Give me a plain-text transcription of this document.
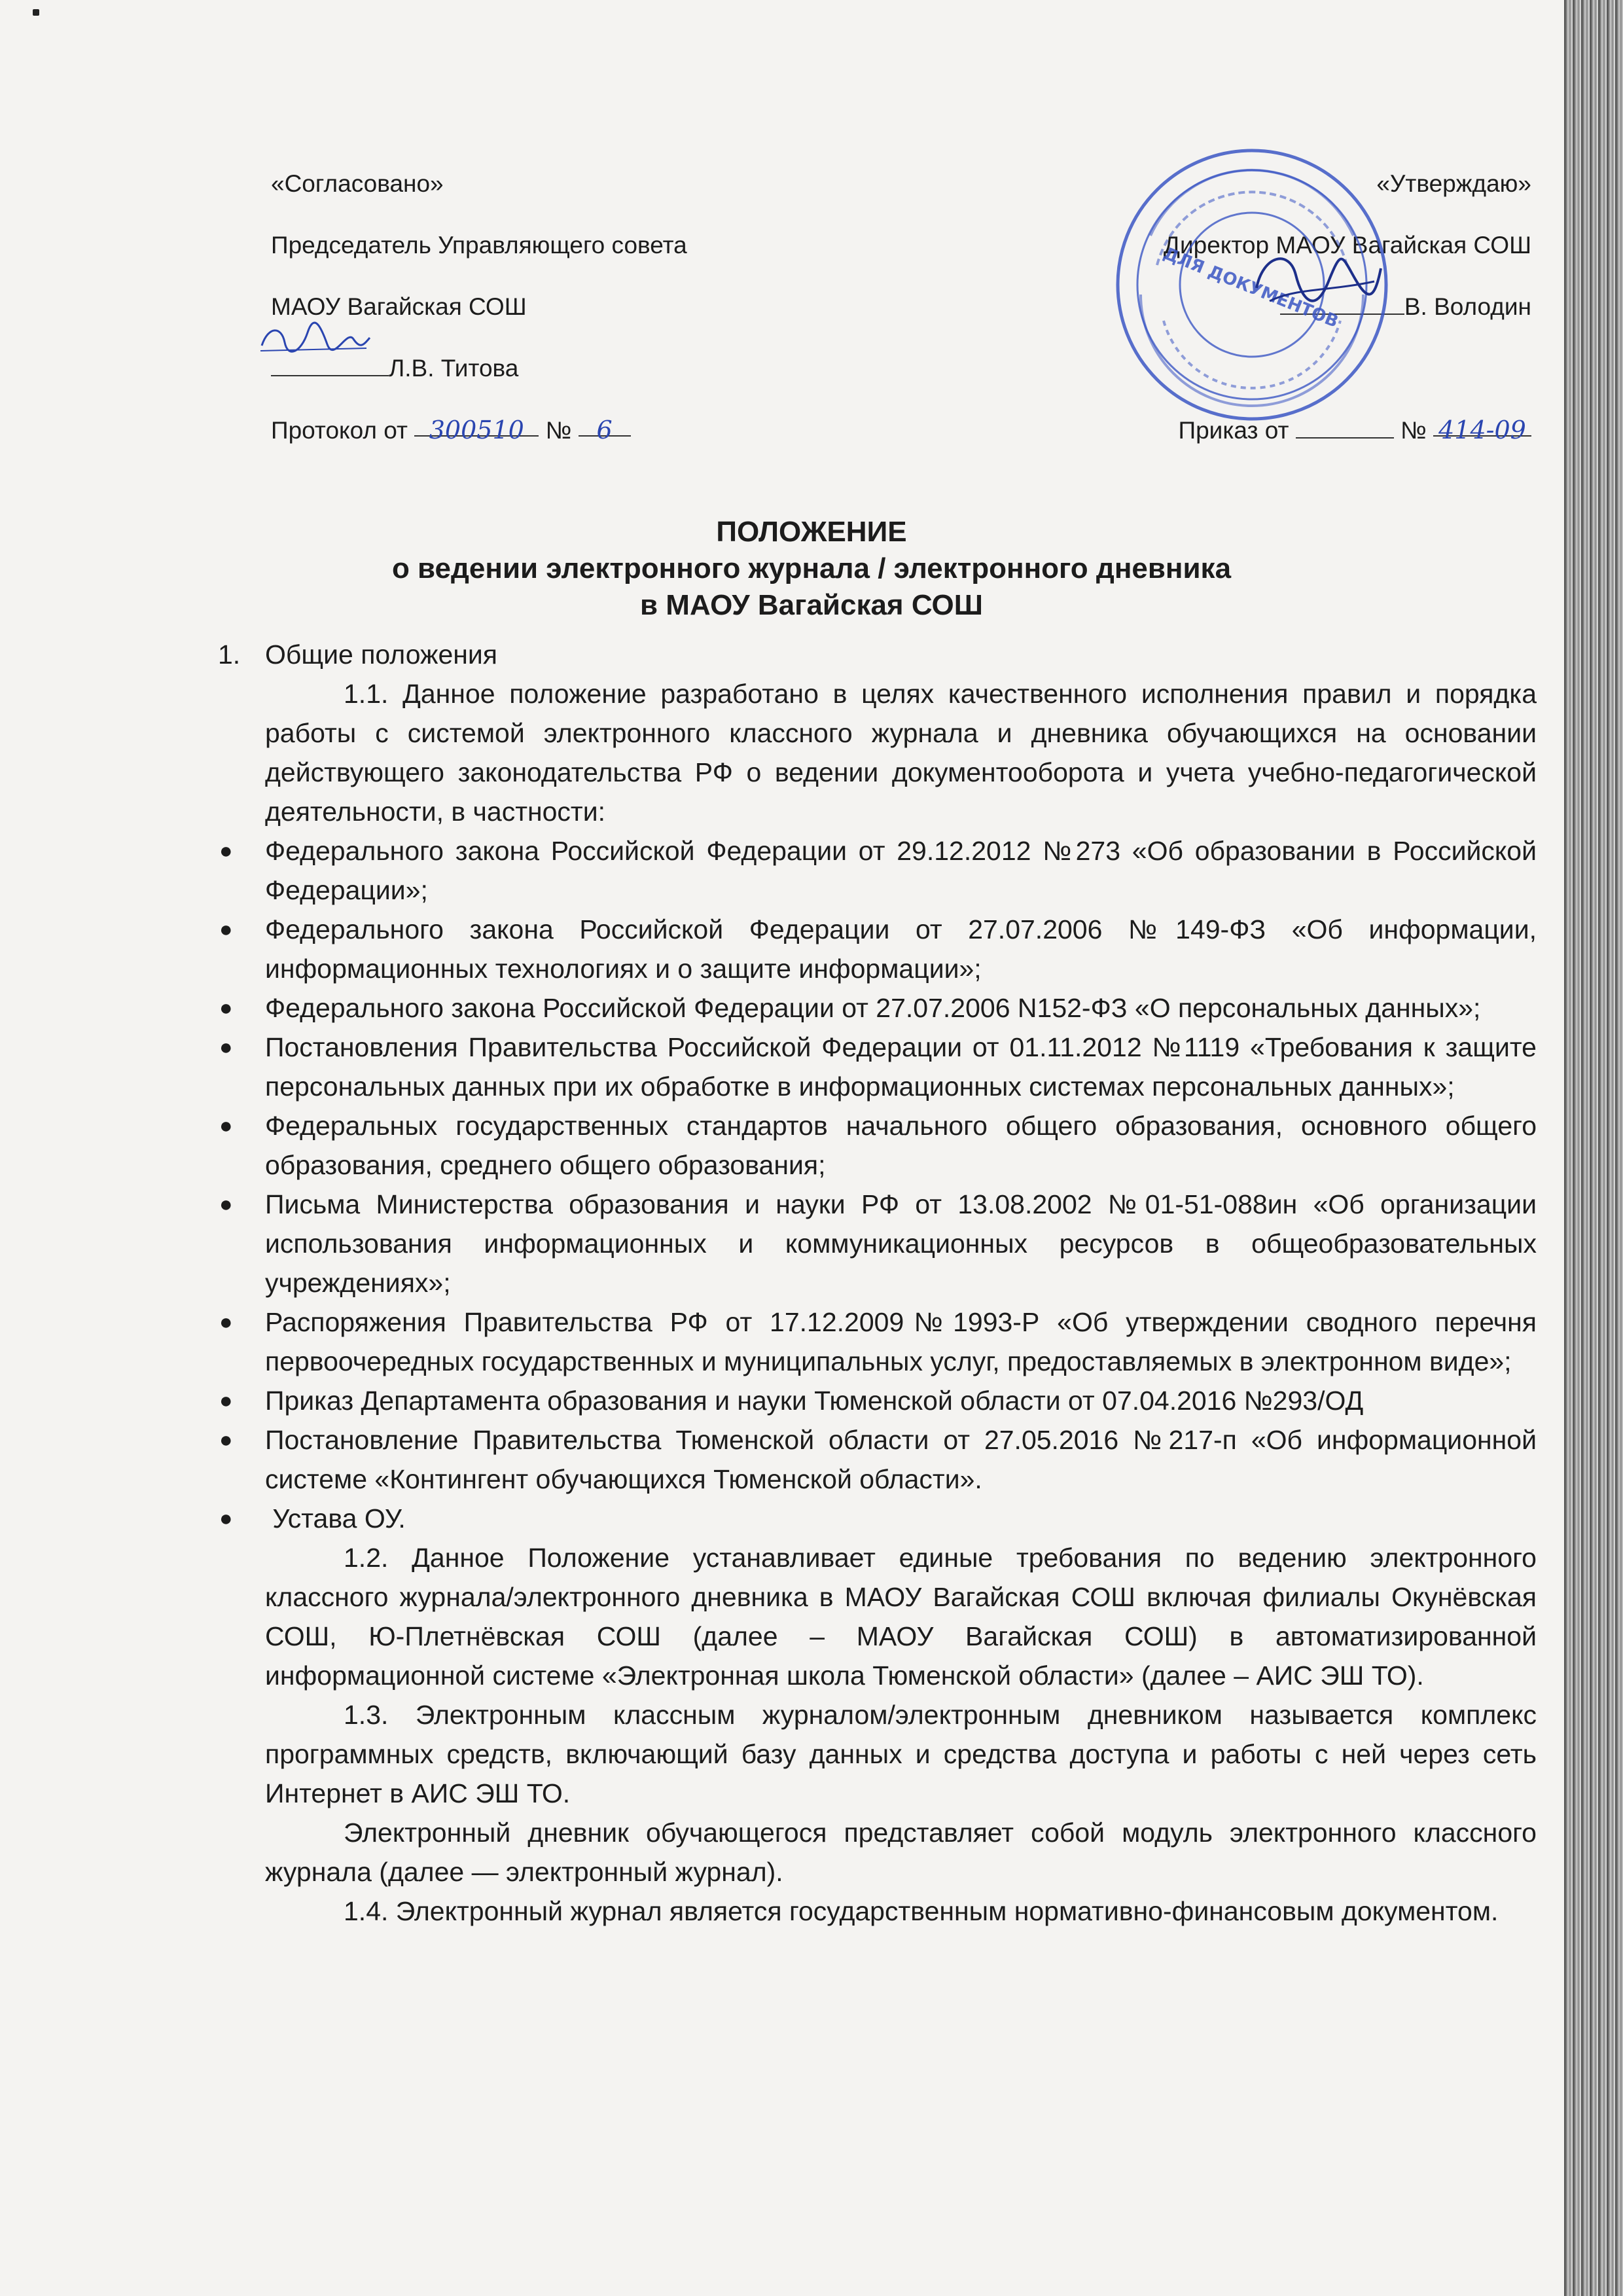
«Согласовано»
Председатель Управляющего совета
МАОУ Вагайская СОШ
Л.В. Титова
Протокол от 300510 № 6
«Утверждаю»
Директор МАОУ Вагайская СОШ
В. Володин
Приказ от	№ 414-09
ДЛЯ ДОКУМЕНТОВ
ПОЛОЖЕНИЕ
о ведении электронного журнала / электронного дневника
в МАОУ Вагайская СОШ

1. Общие положения

1.1. Данное положение разработано в целях качественного исполнения правил и порядка работы с системой электронного классного журнала и дневника обучающихся на основании действующего законодательства РФ о ведении документооборота и учета учебно-педагогической деятельности, в частности:

● Федерального закона Российской Федерации от 29.12.2012 №273 «Об образовании в Российской Федерации»;

● Федерального закона Российской Федерации от 27.07.2006 №149-ФЗ «Об информации, информационных технологиях и о защите информации»;

● Федерального закона Российской Федерации от 27.07.2006 N152-ФЗ «О персональных данных»;

● Постановления Правительства Российской Федерации от 01.11.2012 №1119 «Требования к защите персональных данных при их обработке в информационных системах персональных данных»;

● Федеральных государственных стандартов начального общего образования, основного общего образования, среднего общего образования;

● Письма Министерства образования и науки РФ от 13.08.2002 №01-51-088ин «Об организации использования информационных и коммуникационных ресурсов в общеобразовательных учреждениях»;

● Распоряжения Правительства РФ от 17.12.2009№1993-Р «Об утверждении сводного перечня первоочередных государственных и муниципальных услуг, предоставляемых в электронном виде»;

● Приказ Департамента образования и науки Тюменской области от 07.04.2016 №293/ОД

● Постановление Правительства Тюменской области от 27.05.2016 №217-п «Об информационной системе «Контингент обучающихся Тюменской области».

● Устава ОУ.

1.2. Данное Положение устанавливает единые требования по ведению электронного классного журнала/электронного дневника в МАОУ Вагайская СОШ включая филиалы Окунёвская СОШ, Ю-Плетнёвская СОШ (далее – МАОУ Вагайская СОШ) в автоматизированной информационной системе «Электронная школа Тюменской области» (далее – АИС ЭШ ТО).

1.3. Электронным классным журналом/электронным дневником называется комплекс программных средств, включающий базу данных и средства доступа и работы с ней через сеть Интернет в АИС ЭШ ТО.

Электронный дневник обучающегося представляет собой модуль электронного классного журнала (далее — электронный журнал).

1.4. Электронный журнал является государственным нормативно-финансовым документом.
